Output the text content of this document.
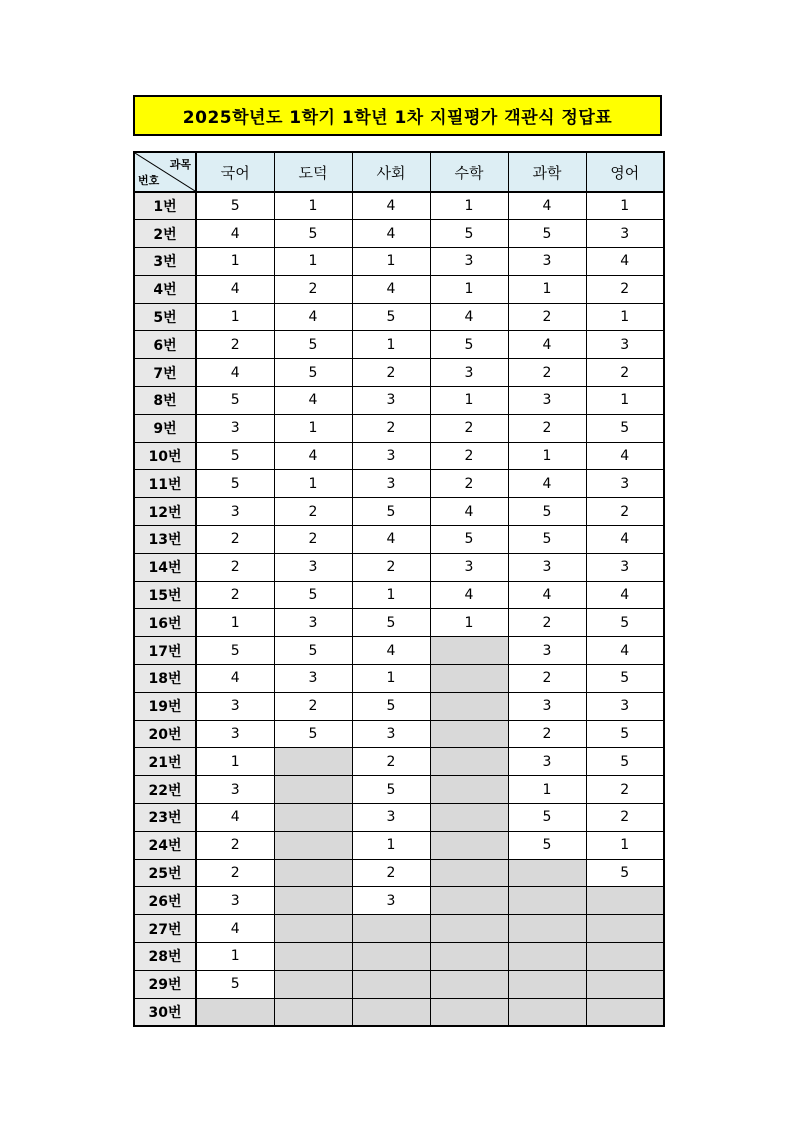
2025학년도 1학기 1학년 1차 지필평가 객관식 정답표
과목
번호	국어	도덕	사회	수학	과학	영어
1번	5	1	4	1	4	1
2번	4	5	4	5	5	3
3번	1	1	1	3	3	4
4번	4	2	4	1	1	2
5번	1	4	5	4	2	1
6번	2	5	1	5	4	3
7번	4	5	2	3	2	2
8번	5	4	3	1	3	1
9번	3	1	2	2	2	5
10번	5	4	3	2	1	4
11번	5	1	3	2	4	3
12번	3	2	5	4	5	2
13번	2	2	4	5	5	4
14번	2	3	2	3	3	3
15번	2	5	1	4	4	4
16번	1	3	5	1	2	5
17번	5	5	4		3	4
18번	4	3	1		2	5
19번	3	2	5		3	3
20번	3	5	3		2	5
21번	1		2		3	5
22번	3		5		1	2
23번	4		3		5	2
24번	2		1		5	1
25번	2		2			5
26번	3		3			
27번	4					
28번	1					
29번	5					
30번						
